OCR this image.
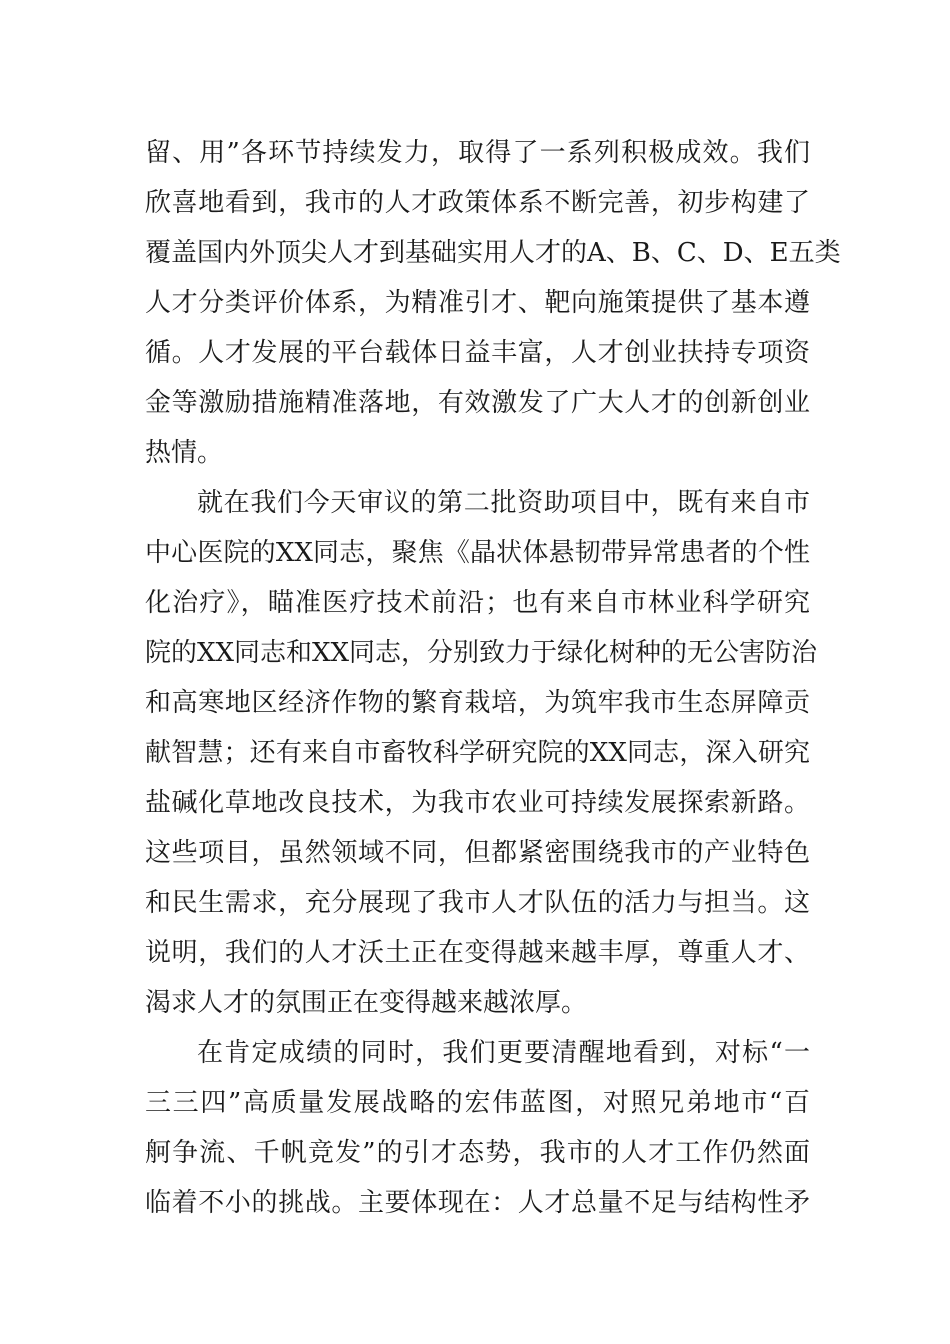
留、用”各环节持续发力，取得了一系列积极成效。我们
欣喜地看到，我市的人才政策体系不断完善，初步构建了
覆盖国内外顶尖人才到基础实用人才的A、B、C、D、E五类
人才分类评价体系，为精准引才、靶向施策提供了基本遵
循。人才发展的平台载体日益丰富，人才创业扶持专项资
金等激励措施精准落地，有效激发了广大人才的创新创业
热情。
就在我们今天审议的第二批资助项目中，既有来自市
中心医院的XX同志，聚焦《晶状体悬韧带异常患者的个性
化治疗》，瞄准医疗技术前沿；也有来自市林业科学研究
院的XX同志和XX同志，分别致力于绿化树种的无公害防治
和高寒地区经济作物的繁育栽培，为筑牢我市生态屏障贡
献智慧；还有来自市畜牧科学研究院的XX同志，深入研究
盐碱化草地改良技术，为我市农业可持续发展探索新路。
这些项目，虽然领域不同，但都紧密围绕我市的产业特色
和民生需求，充分展现了我市人才队伍的活力与担当。这
说明，我们的人才沃土正在变得越来越丰厚，尊重人才、
渴求人才的氛围正在变得越来越浓厚。
在肯定成绩的同时，我们更要清醒地看到，对标“一
三三四”高质量发展战略的宏伟蓝图，对照兄弟地市“百
舸争流、千帆竞发”的引才态势，我市的人才工作仍然面
临着不小的挑战。主要体现在：人才总量不足与结构性矛
